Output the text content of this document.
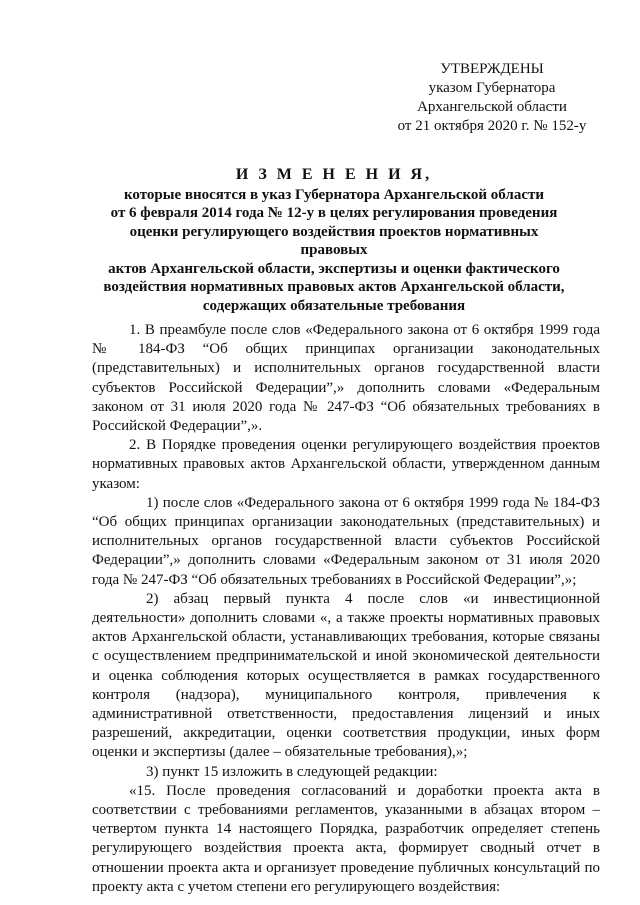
УТВЕРЖДЕНЫ
указом Губернатора
Архангельской области
от 21 октября 2020 г. № 152-у
И З М Е Н Е Н И Я,
которые вносятся в указ Губернатора Архангельской области
от 6 февраля 2014 года № 12-у в целях регулирования проведения
оценки регулирующего воздействия проектов нормативных правовых
актов Архангельской области, экспертизы и оценки фактического
воздействия нормативных правовых актов Архангельской области,
содержащих обязательные требования

1. В преамбуле после слов «Федерального закона от 6 октября 1999 года № 184-ФЗ “Об общих принципах организации законодательных (представительных) и исполнительных органов государственной власти субъектов Российской Федерации”,» дополнить словами «Федеральным законом от 31 июля 2020 года № 247-ФЗ “Об обязательных требованиях в Российской Федерации”,».

2. В Порядке проведения оценки регулирующего воздействия проектов нормативных правовых актов Архангельской области, утвержденном данным указом:

1) после слов «Федерального закона от 6 октября 1999 года № 184-ФЗ “Об общих принципах организации законодательных (представительных) и исполнительных органов государственной власти субъектов Российской Федерации”,» дополнить словами «Федеральным законом от 31 июля 2020 года № 247-ФЗ “Об обязательных требованиях в Российской Федерации”,»;

2) абзац первый пункта 4 после слов «и инвестиционной деятельности» дополнить словами «, а также проекты нормативных правовых актов Архангельской области, устанавливающих требования, которые связаны с осуществлением предпринимательской и иной экономической деятельности и оценка соблюдения которых осуществляется в рамках государственного контроля (надзора), муниципального контроля, привлечения к административной ответственности, предоставления лицензий и иных разрешений, аккредитации, оценки соответствия продукции, иных форм оценки и экспертизы (далее – обязательные требования),»;

3) пункт 15 изложить в следующей редакции:

«15. После проведения согласований и доработки проекта акта в соответствии с требованиями регламентов, указанными в абзацах втором – четвертом пункта 14 настоящего Порядка, разработчик определяет степень регулирующего воздействия проекта акта, формирует сводный отчет в отношении проекта акта и организует проведение публичных консультаций по проекту акта с учетом степени его регулирующего воздействия:
